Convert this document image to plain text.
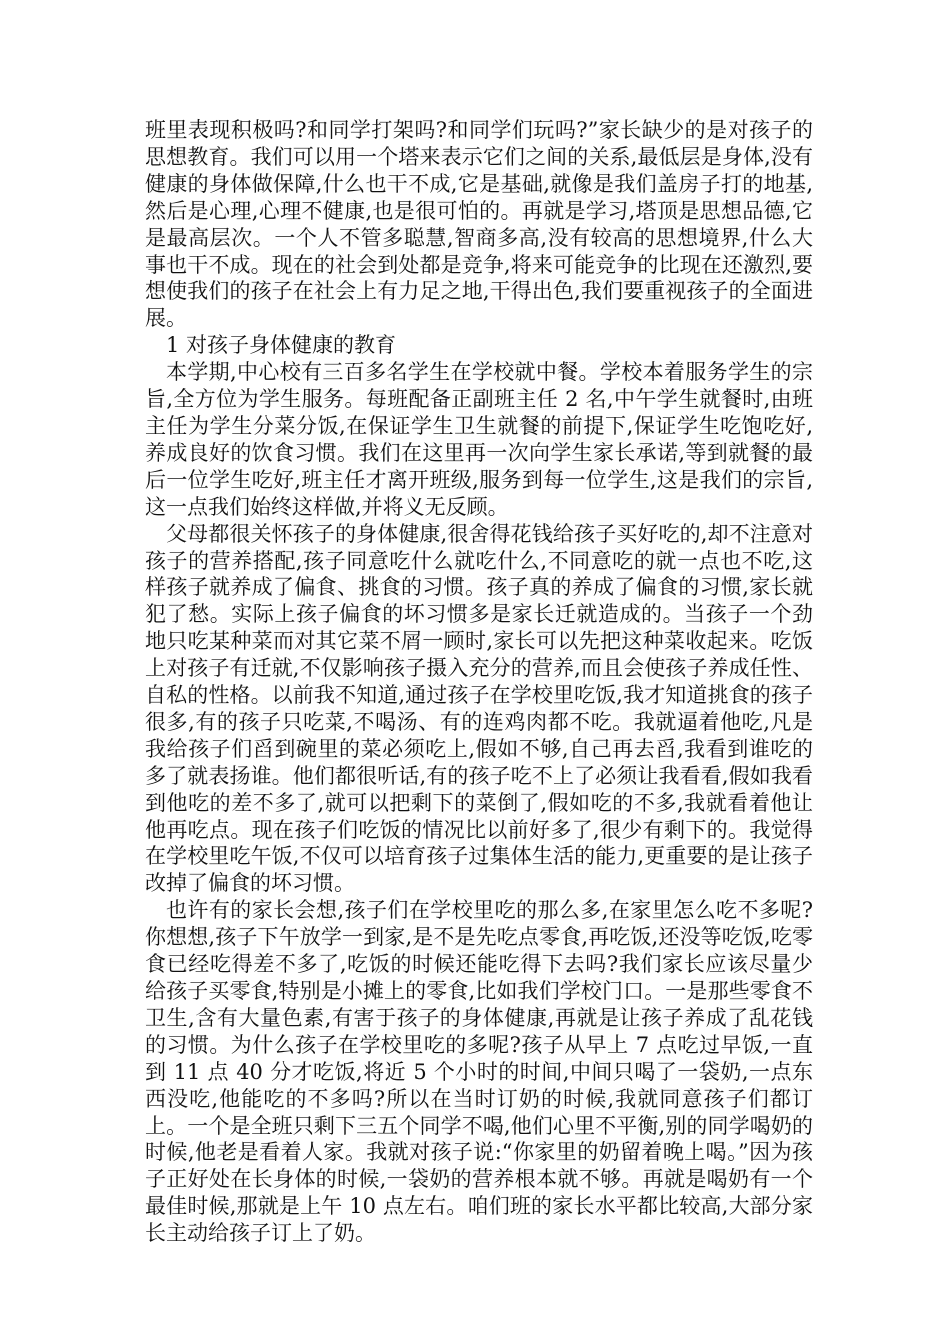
班里表现积极吗?和同学打架吗?和同学们玩吗?”家长缺少的是对孩子的思想教育。我们可以用一个塔来表示它们之间的关系,最低层是身体,没有健康的身体做保障,什么也干不成,它是基础,就像是我们盖房子打的地基,然后是心理,心理不健康,也是很可怕的。再就是学习,塔顶是思想品德,它是最高层次。一个人不管多聪慧,智商多高,没有较高的思想境界,什么大事也干不成。现在的社会到处都是竞争,将来可能竞争的比现在还激烈,要想使我们的孩子在社会上有力足之地,干得出色,我们要重视孩子的全面进展。

1 对孩子身体健康的教育

本学期,中心校有三百多名学生在学校就中餐。学校本着服务学生的宗旨,全方位为学生服务。每班配备正副班主任 2 名,中午学生就餐时,由班主任为学生分菜分饭,在保证学生卫生就餐的前提下,保证学生吃饱吃好,养成良好的饮食习惯。我们在这里再一次向学生家长承诺,等到就餐的最后一位学生吃好,班主任才离开班级,服务到每一位学生,这是我们的宗旨,这一点我们始终这样做,并将义无反顾。

父母都很关怀孩子的身体健康,很舍得花钱给孩子买好吃的,却不注意对孩子的营养搭配,孩子同意吃什么就吃什么,不同意吃的就一点也不吃,这样孩子就养成了偏食、挑食的习惯。孩子真的养成了偏食的习惯,家长就犯了愁。实际上孩子偏食的坏习惯多是家长迁就造成的。当孩子一个劲地只吃某种菜而对其它菜不屑一顾时,家长可以先把这种菜收起来。吃饭上对孩子有迁就,不仅影响孩子摄入充分的营养,而且会使孩子养成任性、自私的性格。以前我不知道,通过孩子在学校里吃饭,我才知道挑食的孩子很多,有的孩子只吃菜,不喝汤、有的连鸡肉都不吃。我就逼着他吃,凡是我给孩子们舀到碗里的菜必须吃上,假如不够,自己再去舀,我看到谁吃的多了就表扬谁。他们都很听话,有的孩子吃不上了必须让我看看,假如我看到他吃的差不多了,就可以把剩下的菜倒了,假如吃的不多,我就看着他让他再吃点。现在孩子们吃饭的情况比以前好多了,很少有剩下的。我觉得在学校里吃午饭,不仅可以培育孩子过集体生活的能力,更重要的是让孩子改掉了偏食的坏习惯。

也许有的家长会想,孩子们在学校里吃的那么多,在家里怎么吃不多呢?你想想,孩子下午放学一到家,是不是先吃点零食,再吃饭,还没等吃饭,吃零食已经吃得差不多了,吃饭的时候还能吃得下去吗?我们家长应该尽量少给孩子买零食,特别是小摊上的零食,比如我们学校门口。一是那些零食不卫生,含有大量色素,有害于孩子的身体健康,再就是让孩子养成了乱花钱的习惯。为什么孩子在学校里吃的多呢?孩子从早上 7 点吃过早饭,一直到 11 点 40 分才吃饭,将近 5 个小时的时间,中间只喝了一袋奶,一点东西没吃,他能吃的不多吗?所以在当时订奶的时候,我就同意孩子们都订上。一个是全班只剩下三五个同学不喝,他们心里不平衡,别的同学喝奶的时候,他老是看着人家。我就对孩子说:“你家里的奶留着晚上喝。”因为孩子正好处在长身体的时候,一袋奶的营养根本就不够。再就是喝奶有一个最佳时候,那就是上午 10 点左右。咱们班的家长水平都比较高,大部分家长主动给孩子订上了奶。
